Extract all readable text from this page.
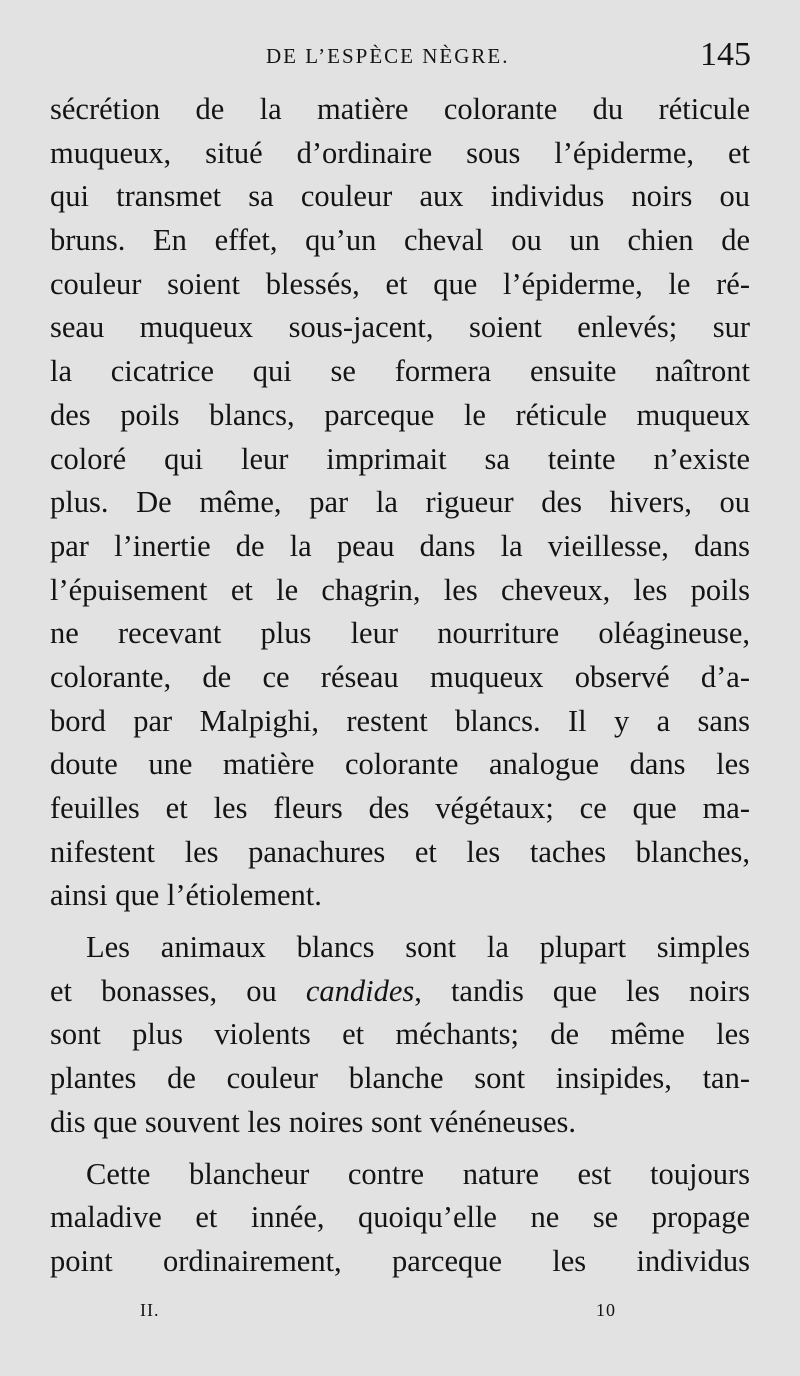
DE L’ESPÈCE NÈGRE.	145
sécrétion de la matière colorante du réticule
muqueux, situé d’ordinaire sous l’épiderme, et
qui transmet sa couleur aux individus noirs ou
bruns. En effet, qu’un cheval ou un chien de
couleur soient blessés, et que l’épiderme, le ré-
seau muqueux sous-jacent, soient enlevés; sur
la cicatrice qui se formera ensuite naîtront
des poils blancs, parceque le réticule muqueux
coloré qui leur imprimait sa teinte n’existe
plus. De même, par la rigueur des hivers, ou
par l’inertie de la peau dans la vieillesse, dans
l’épuisement et le chagrin, les cheveux, les poils
ne recevant plus leur nourriture oléagineuse,
colorante, de ce réseau muqueux observé d’a-
bord par Malpighi, restent blancs. Il y a sans
doute une matière colorante analogue dans les
feuilles et les fleurs des végétaux; ce que ma-
nifestent les panachures et les taches blanches,
ainsi que l’étiolement.
Les animaux blancs sont la plupart simples
et bonasses, ou candides, tandis que les noirs
sont plus violents et méchants; de même les
plantes de couleur blanche sont insipides, tan-
dis que souvent les noires sont vénéneuses.
Cette blancheur contre nature est toujours
maladive et innée, quoiqu’elle ne se propage
point ordinairement, parceque les individus
II.	10
